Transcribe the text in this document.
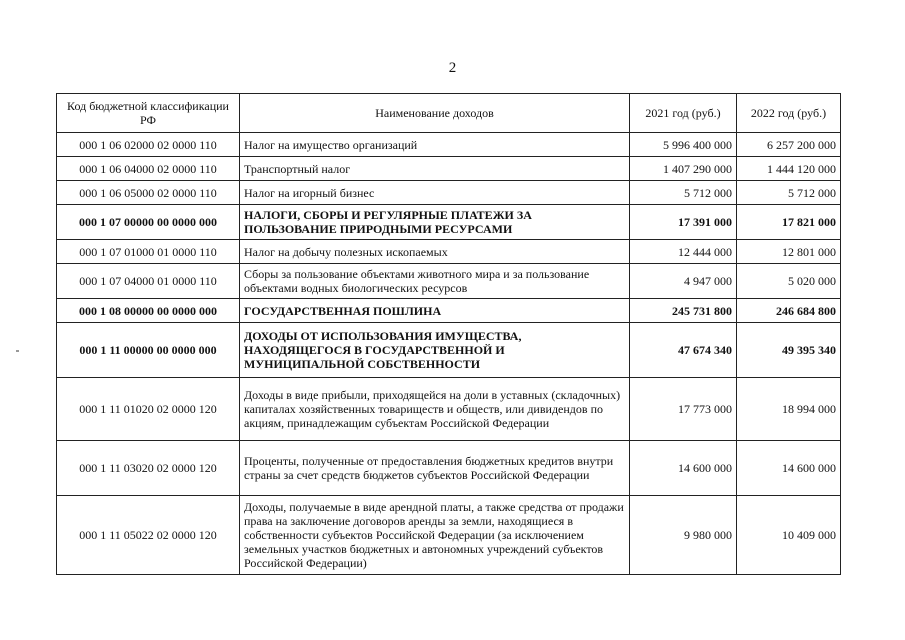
2
Код бюджетной классификации РФ	Наименование доходов	2021 год (руб.)	2022 год (руб.)
000 1 06 02000 02 0000 110	Налог на имущество организаций	5 996 400 000	6 257 200 000
000 1 06 04000 02 0000 110	Транспортный налог	1 407 290 000	1 444 120 000
000 1 06 05000 02 0000 110	Налог на игорный бизнес	5 712 000	5 712 000
000 1 07 00000 00 0000 000	НАЛОГИ, СБОРЫ И РЕГУЛЯРНЫЕ ПЛАТЕЖИ ЗА ПОЛЬЗОВАНИЕ ПРИРОДНЫМИ РЕСУРСАМИ	17 391 000	17 821 000
000 1 07 01000 01 0000 110	Налог на добычу полезных ископаемых	12 444 000	12 801 000
000 1 07 04000 01 0000 110	Сборы за пользование объектами животного мира и за пользование объектами водных биологических ресурсов	4 947 000	5 020 000
000 1 08 00000 00 0000 000	ГОСУДАРСТВЕННАЯ ПОШЛИНА	245 731 800	246 684 800
000 1 11 00000 00 0000 000	ДОХОДЫ ОТ ИСПОЛЬЗОВАНИЯ ИМУЩЕСТВА, НАХОДЯЩЕГОСЯ В ГОСУДАРСТВЕННОЙ И МУНИЦИПАЛЬНОЙ СОБСТВЕННОСТИ	47 674 340	49 395 340
000 1 11 01020 02 0000 120	Доходы в виде прибыли, приходящейся на доли в уставных (складочных) капиталах хозяйственных товариществ и обществ, или дивидендов по акциям, принадлежащим субъектам Российской Федерации	17 773 000	18 994 000
000 1 11 03020 02 0000 120	Проценты, полученные от предоставления бюджетных кредитов внутри страны за счет средств бюджетов субъектов Российской Федерации	14 600 000	14 600 000
000 1 11 05022 02 0000 120	Доходы, получаемые в виде арендной платы, а также средства от продажи права на заключение договоров аренды за земли, находящиеся в собственности субъектов Российской Федерации (за исключением земельных участков бюджетных и автономных учреждений субъектов Российской Федерации)	9 980 000	10 409 000
